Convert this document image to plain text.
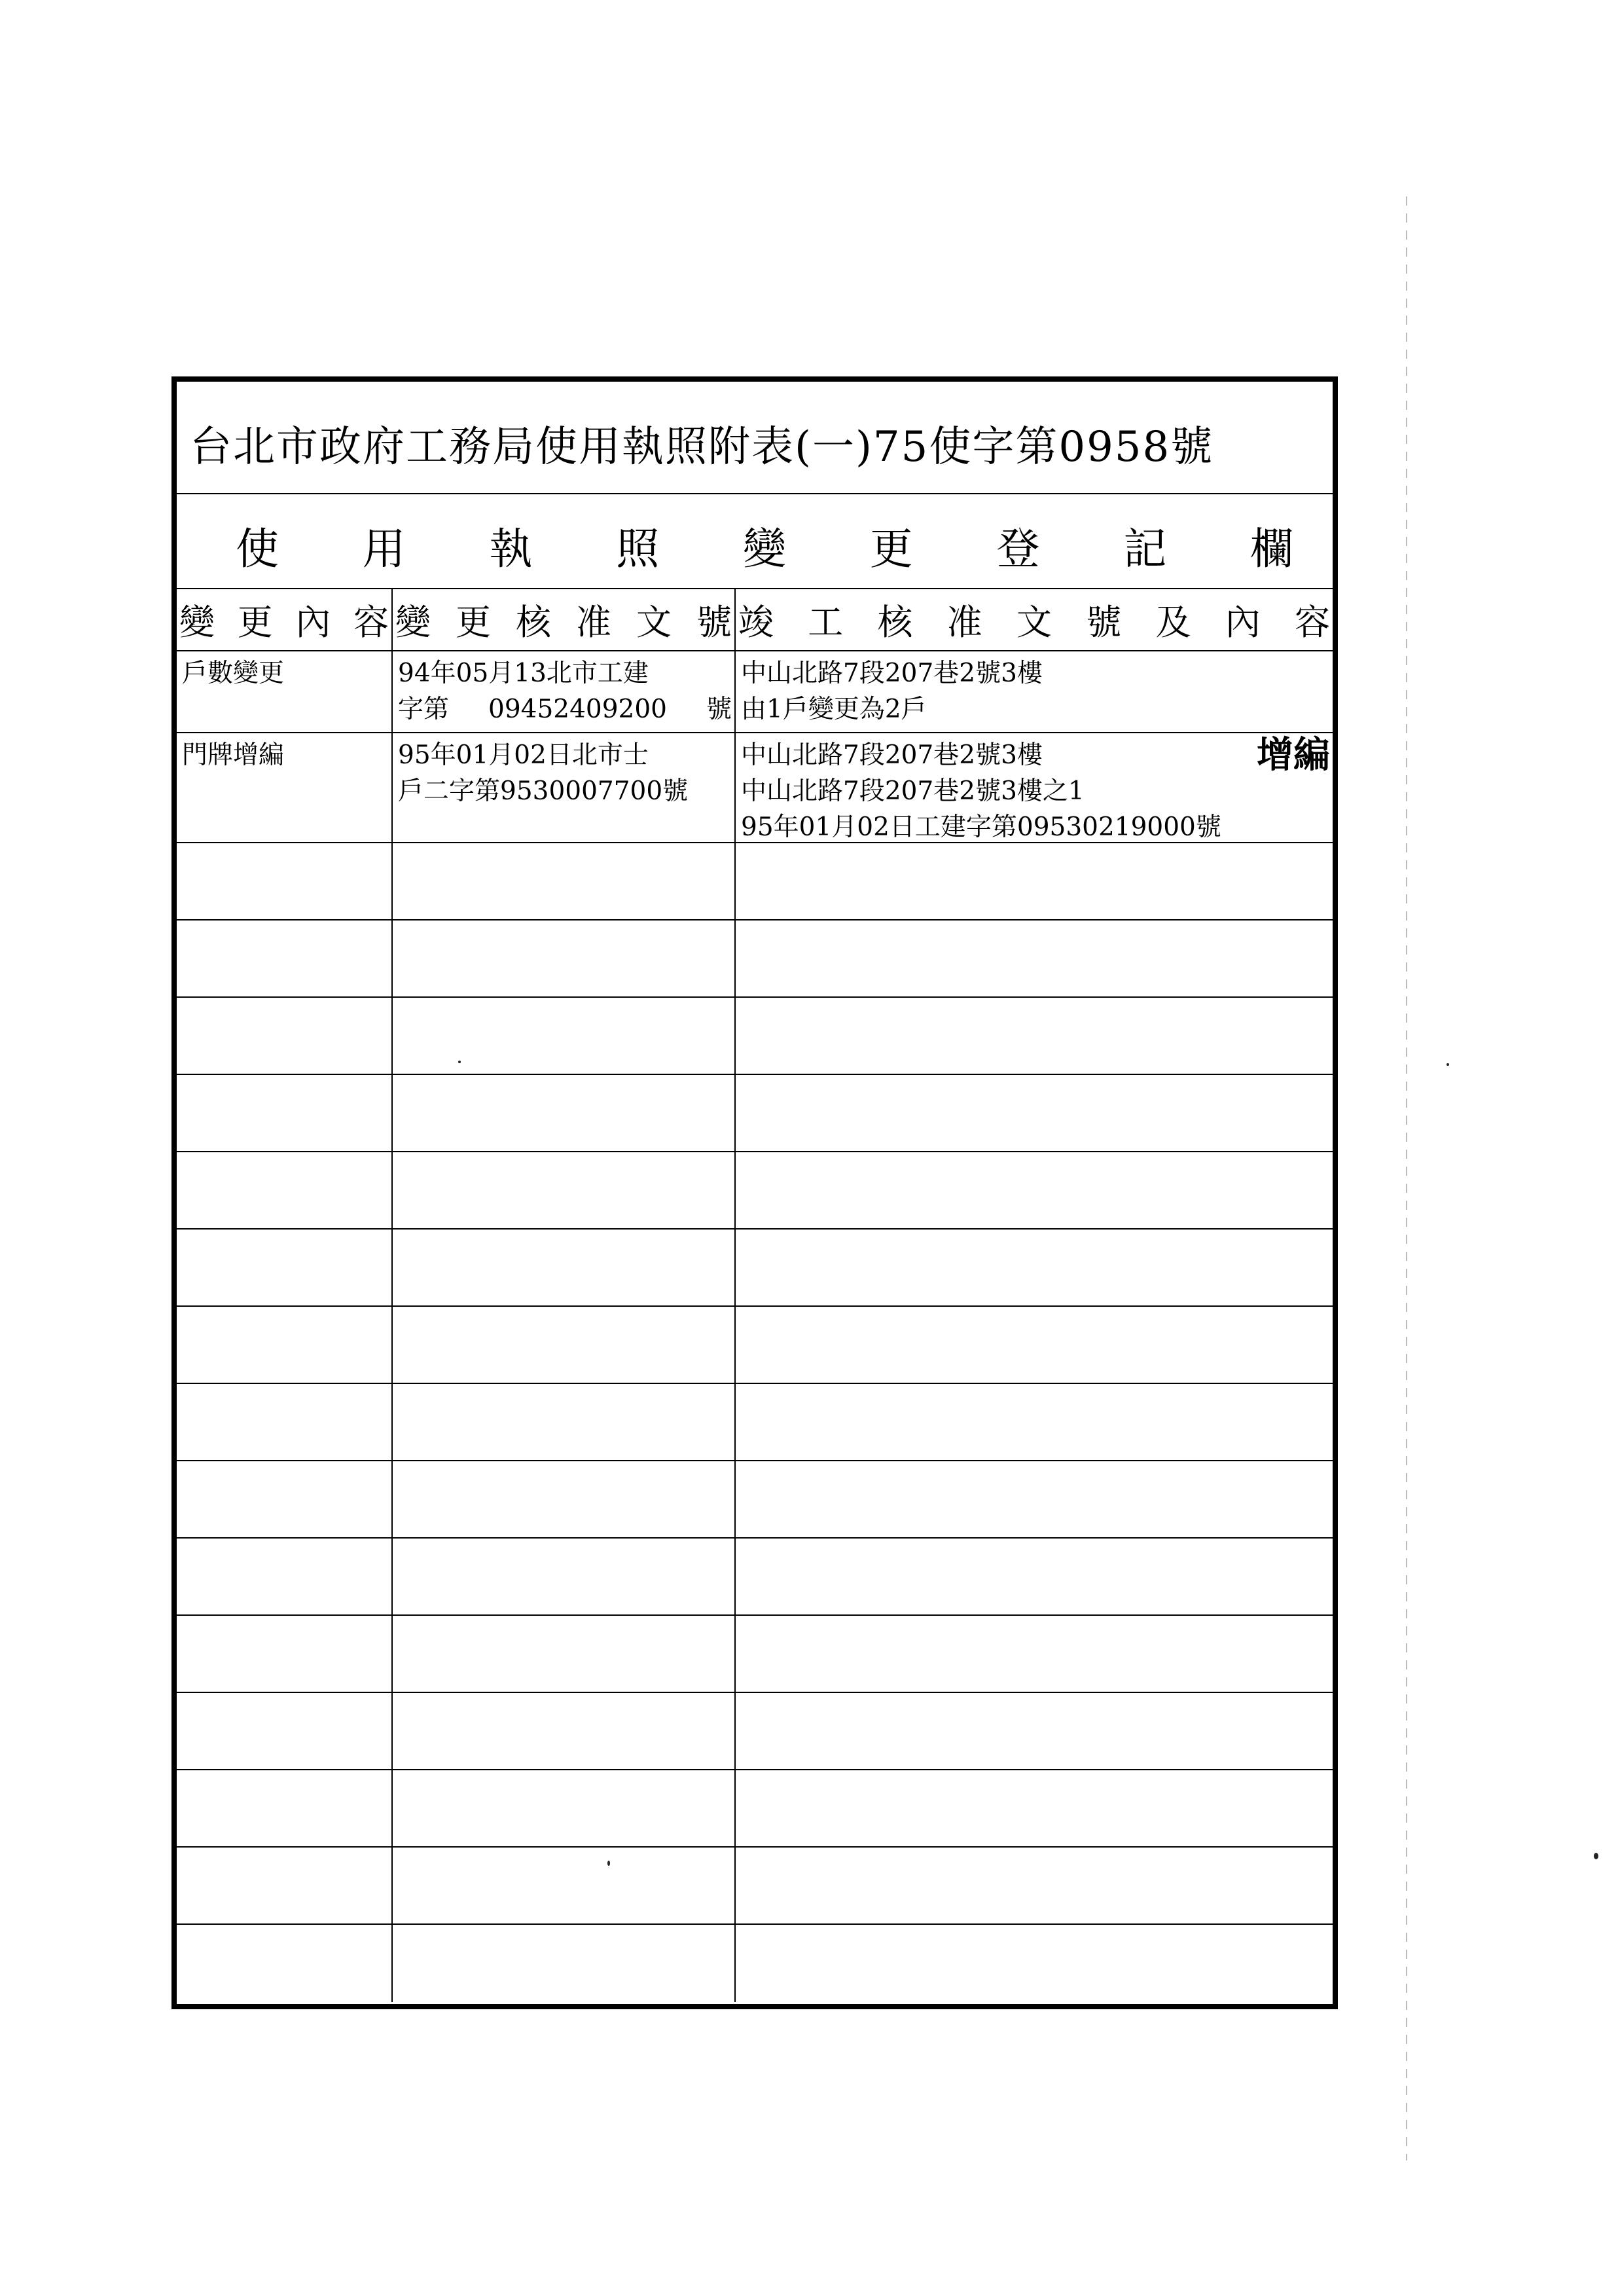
台北市政府工務局使用執照附表(一)75使字第0958號
使 用 執 照 變 更 登 記 欄
變 更 內 容 變 更 核 准 文 號 竣 工 核 准 文 號 及 內 容
戶數變更	94年05月13北市工建
字第 09452409200 號
中山北路7段207巷2號3樓
由1戶變更為2戶
門牌增編	95年01月02日北市士
戶二字第9530007700號
中山北路7段207巷2號3樓
中山北路7段207巷2號3樓之1
95年01月02日工建字第09530219000號
增編
